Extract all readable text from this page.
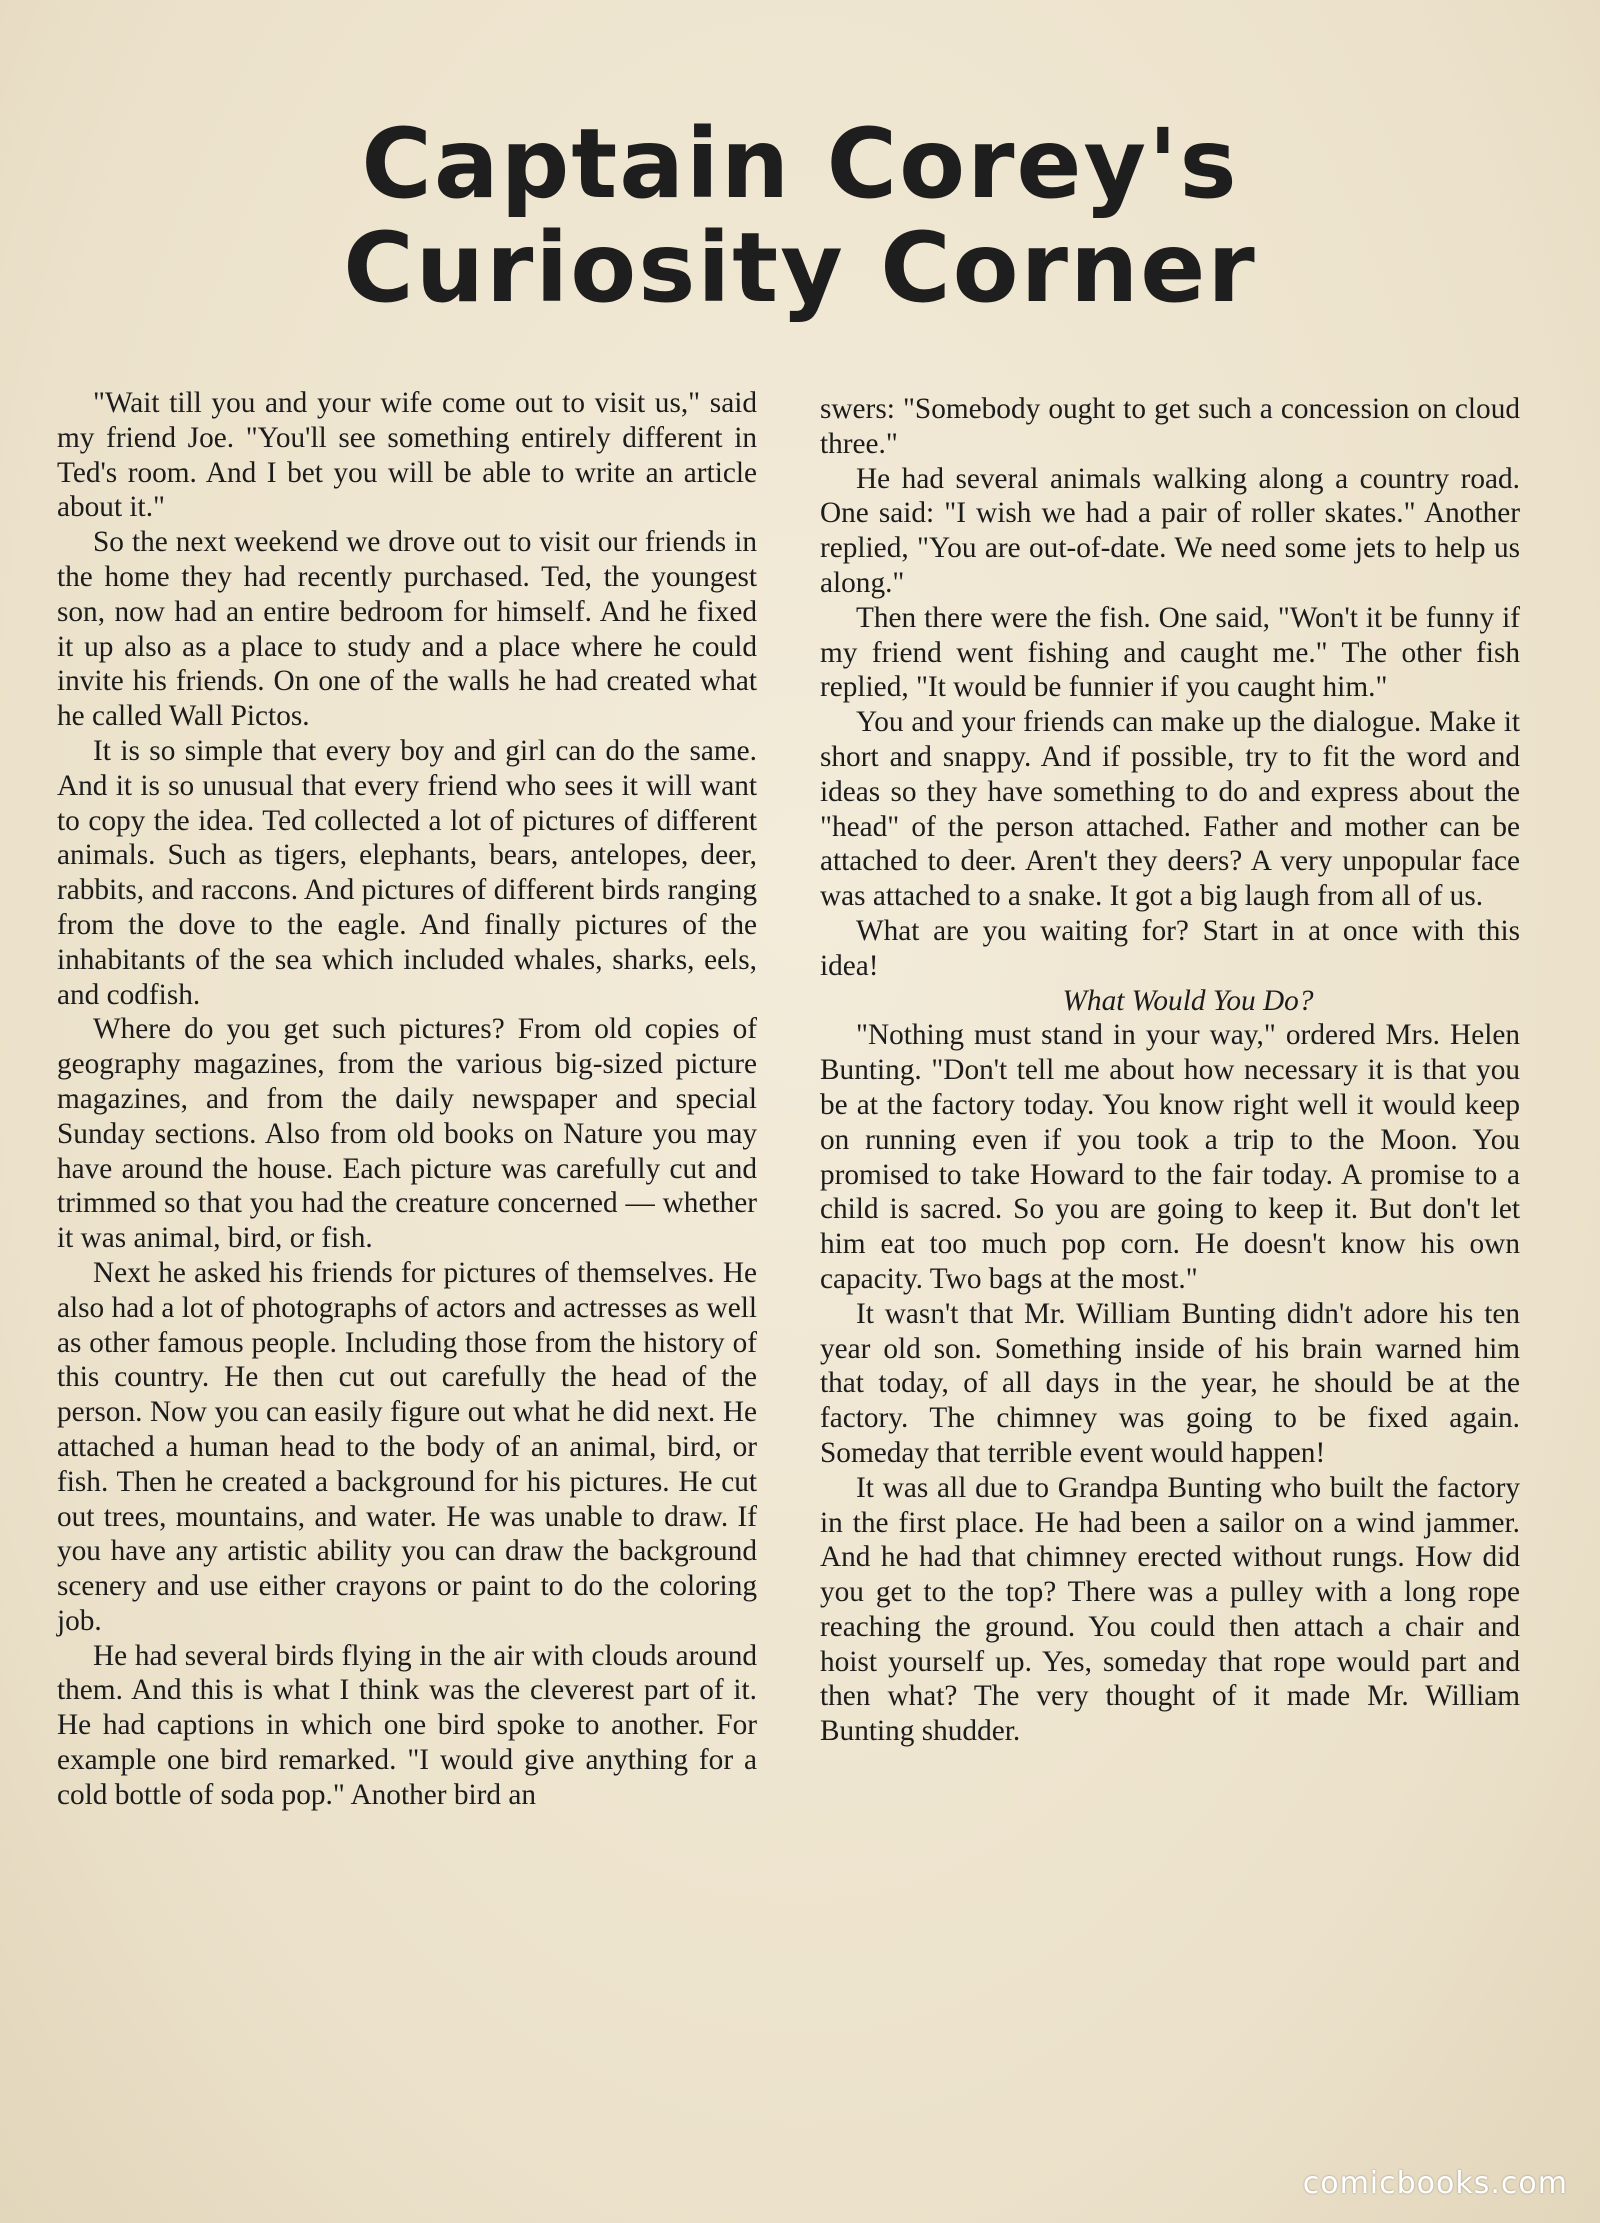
Captain Corey's
Curiosity Corner

"Wait till you and your wife come out to visit us," said my friend Joe. "You'll see something entirely different in Ted's room. And I bet you will be able to write an article about it."

So the next weekend we drove out to visit our friends in the home they had recently purchased. Ted, the youngest son, now had an entire bedroom for himself. And he fixed it up also as a place to study and a place where he could invite his friends. On one of the walls he had created what he called Wall Pictos.

It is so simple that every boy and girl can do the same. And it is so unusual that every friend who sees it will want to copy the idea. Ted collected a lot of pictures of different animals. Such as tigers, elephants, bears, antelopes, deer, rabbits, and raccons. And pictures of different birds ranging from the dove to the eagle. And finally pictures of the inhabitants of the sea which included whales, sharks, eels, and codfish.

Where do you get such pictures? From old copies of geography magazines, from the various big-sized picture magazines, and from the daily newspaper and special Sunday sections. Also from old books on Nature you may have around the house. Each picture was carefully cut and trimmed so that you had the creature concerned — whether it was animal, bird, or fish.

Next he asked his friends for pictures of themselves. He also had a lot of photographs of actors and actresses as well as other famous people. Including those from the history of this country. He then cut out carefully the head of the person. Now you can easily figure out what he did next. He attached a human head to the body of an animal, bird, or fish. Then he created a background for his pictures. He cut out trees, mountains, and water. He was unable to draw. If you have any artistic ability you can draw the background scenery and use either crayons or paint to do the coloring job.

He had several birds flying in the air with clouds around them. And this is what I think was the cleverest part of it. He had captions in which one bird spoke to another. For example one bird remarked. "I would give anything for a cold bottle of soda pop." Another bird an

swers: "Somebody ought to get such a concession on cloud three."

He had several animals walking along a country road. One said: "I wish we had a pair of roller skates." Another replied, "You are out-of-date. We need some jets to help us along."

Then there were the fish. One said, "Won't it be funny if my friend went fishing and caught me." The other fish replied, "It would be funnier if you caught him."

You and your friends can make up the dialogue. Make it short and snappy. And if possible, try to fit the word and ideas so they have something to do and express about the "head" of the person attached. Father and mother can be attached to deer. Aren't they deers? A very unpopular face was attached to a snake. It got a big laugh from all of us.

What are you waiting for? Start in at once with this idea!

What Would You Do?

"Nothing must stand in your way," ordered Mrs. Helen Bunting. "Don't tell me about how necessary it is that you be at the factory today. You know right well it would keep on running even if you took a trip to the Moon. You promised to take Howard to the fair today. A promise to a child is sacred. So you are going to keep it. But don't let him eat too much pop corn. He doesn't know his own capacity. Two bags at the most."

It wasn't that Mr. William Bunting didn't adore his ten year old son. Something inside of his brain warned him that today, of all days in the year, he should be at the factory. The chimney was going to be fixed again. Someday that terrible event would happen!

It was all due to Grandpa Bunting who built the factory in the first place. He had been a sailor on a wind jammer. And he had that chimney erected without rungs. How did you get to the top? There was a pulley with a long rope reaching the ground. You could then attach a chair and hoist yourself up. Yes, someday that rope would part and then what? The very thought of it made Mr. William Bunting shudder.

comicbooks.com
